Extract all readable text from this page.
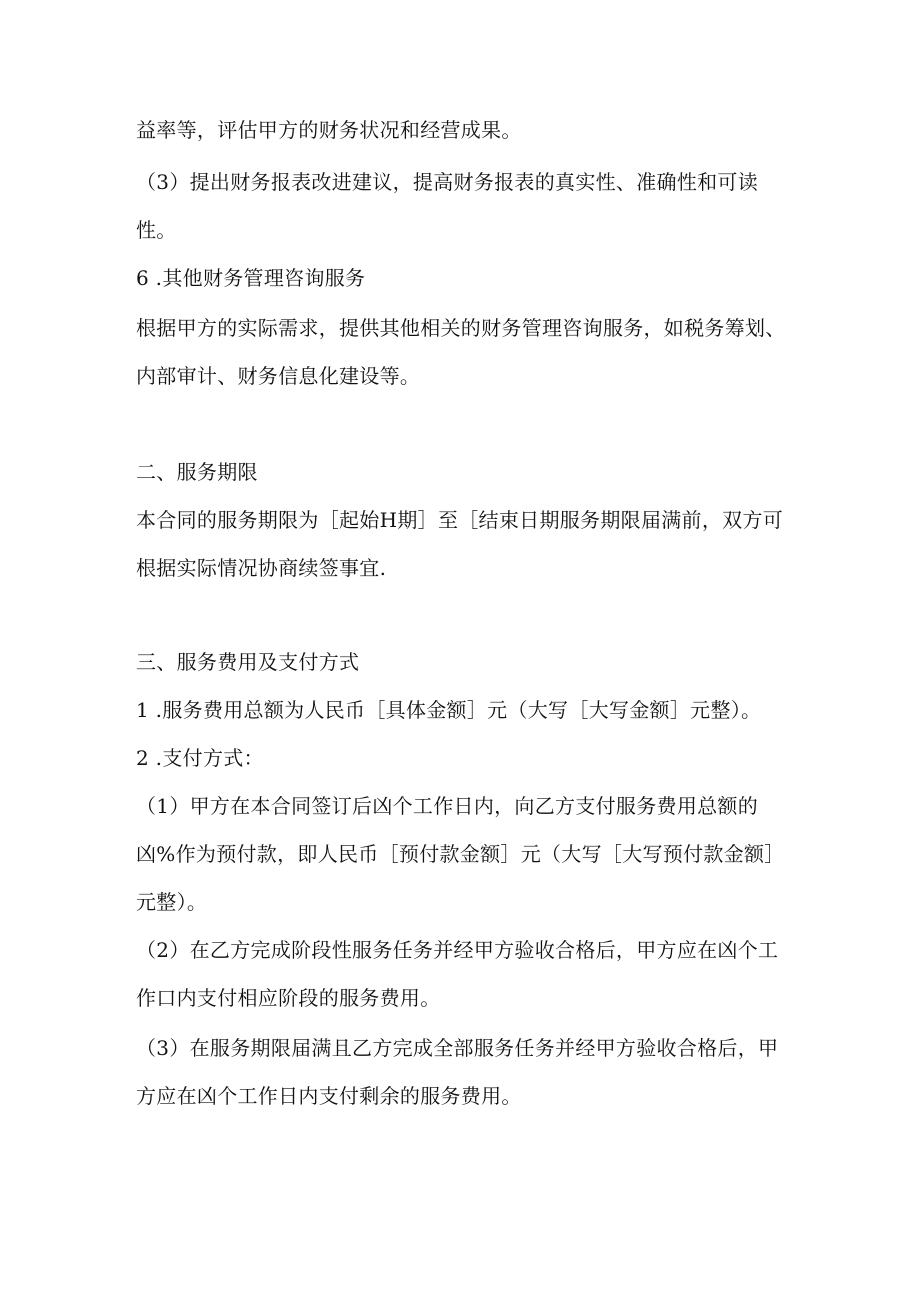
益率等，评估甲方的财务状况和经营成果。
（3）提出财务报表改进建议，提高财务报表的真实性、准确性和可读
性。
6 .其他财务管理咨询服务
根据甲方的实际需求，提供其他相关的财务管理咨询服务，如税务筹划、
内部审计、财务信息化建设等。
二、服务期限
本合同的服务期限为［起始H期］至［结束日期服务期限届满前，双方可
根据实际情况协商续签事宜.
三、服务费用及支付方式
1 .服务费用总额为人民币［具体金额］元（大写［大写金额］元整）。
2 .支付方式：
（1）甲方在本合同签订后凶个工作日内，向乙方支付服务费用总额的
凶%作为预付款，即人民币［预付款金额］元（大写［大写预付款金额］
元整）。
（2）在乙方完成阶段性服务任务并经甲方验收合格后，甲方应在凶个工
作口内支付相应阶段的服务费用。
（3）在服务期限届满且乙方完成全部服务任务并经甲方验收合格后，甲
方应在凶个工作日内支付剩余的服务费用。
